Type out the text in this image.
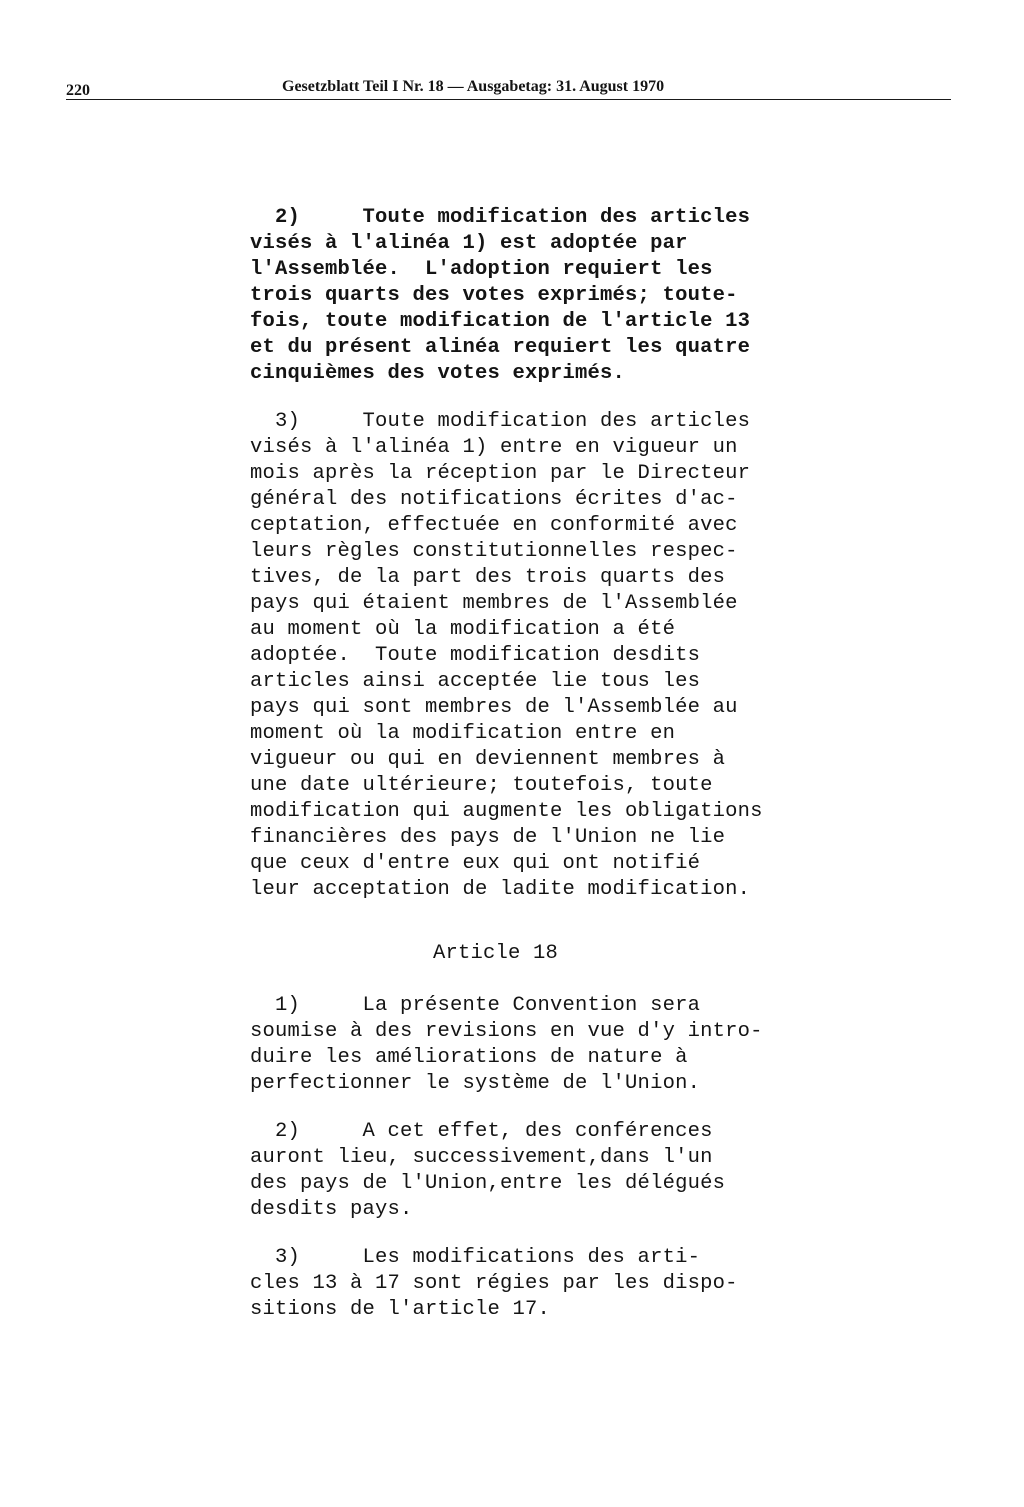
220	Gesetzblatt Teil I Nr. 18 — Ausgabetag: 31. August 1970
2)     Toute modification des articles
visés à l'alinéa 1) est adoptée par
l'Assemblée.  L'adoption requiert les
trois quarts des votes exprimés; toute-
fois, toute modification de l'article 13
et du présent alinéa requiert les quatre
cinquièmes des votes exprimés.
3)     Toute modification des articles
visés à l'alinéa 1) entre en vigueur un
mois après la réception par le Directeur
général des notifications écrites d'ac-
ceptation, effectuée en conformité avec
leurs règles constitutionnelles respec-
tives, de la part des trois quarts des
pays qui étaient membres de l'Assemblée
au moment où la modification a été
adoptée.  Toute modification desdits
articles ainsi acceptée lie tous les
pays qui sont membres de l'Assemblée au
moment où la modification entre en
vigueur ou qui en deviennent membres à
une date ultérieure; toutefois, toute
modification qui augmente les obligations
financières des pays de l'Union ne lie
que ceux d'entre eux qui ont notifié
leur acceptation de ladite modification.
Article 18
1)     La présente Convention sera
soumise à des revisions en vue d'y intro-
duire les améliorations de nature à
perfectionner le système de l'Union.
2)     A cet effet, des conférences
auront lieu, successivement,dans l'un
des pays de l'Union,entre les délégués
desdits pays.
3)     Les modifications des arti-
cles 13 à 17 sont régies par les dispo-
sitions de l'article 17.
